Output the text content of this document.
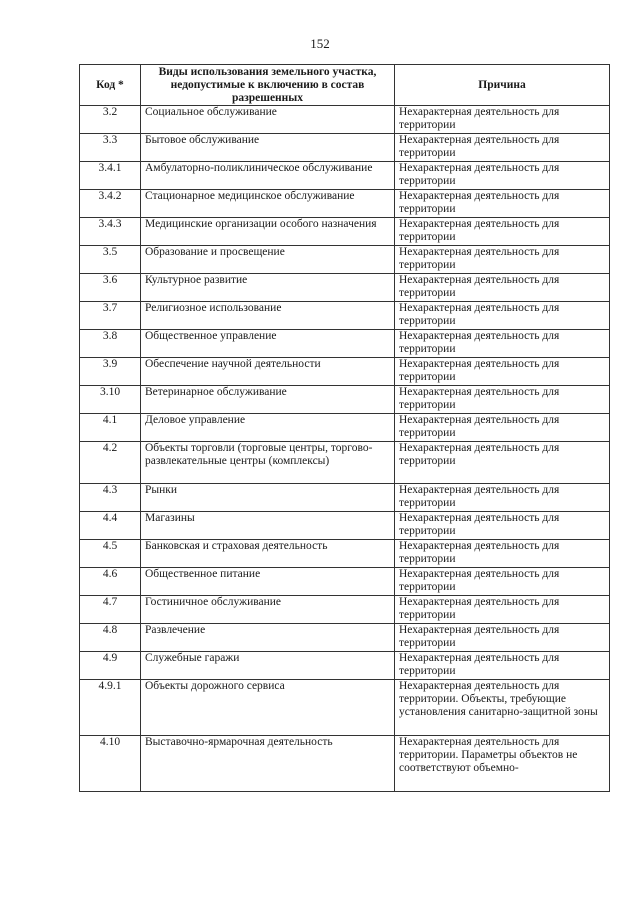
152
Код *	Виды использования земельного участка, недопустимые к включению в состав разрешенных	Причина
3.2	Социальное обслуживание	Нехарактерная деятельность для территории
3.3	Бытовое обслуживание	Нехарактерная деятельность для территории
3.4.1	Амбулаторно-поликлиническое обслуживание	Нехарактерная деятельность для территории
3.4.2	Стационарное медицинское обслуживание	Нехарактерная деятельность для территории
3.4.3	Медицинские организации особого назначения	Нехарактерная деятельность для территории
3.5	Образование и просвещение	Нехарактерная деятельность для территории
3.6	Культурное развитие	Нехарактерная деятельность для территории
3.7	Религиозное использование	Нехарактерная деятельность для территории
3.8	Общественное управление	Нехарактерная деятельность для территории
3.9	Обеспечение научной деятельности	Нехарактерная деятельность для территории
3.10	Ветеринарное обслуживание	Нехарактерная деятельность для территории
4.1	Деловое управление	Нехарактерная деятельность для территории
4.2	Объекты торговли (торговые центры, торгово-развлекательные центры (комплексы)	Нехарактерная деятельность для территории
4.3	Рынки	Нехарактерная деятельность для территории
4.4	Магазины	Нехарактерная деятельность для территории
4.5	Банковская и страховая деятельность	Нехарактерная деятельность для территории
4.6	Общественное питание	Нехарактерная деятельность для территории
4.7	Гостиничное обслуживание	Нехарактерная деятельность для территории
4.8	Развлечение	Нехарактерная деятельность для территории
4.9	Служебные гаражи	Нехарактерная деятельность для территории
4.9.1	Объекты дорожного сервиса	Нехарактерная деятельность для территории. Объекты, требующие установления санитарно-защитной зоны
4.10	Выставочно-ярмарочная деятельность	Нехарактерная деятельность для территории. Параметры объектов не соответствуют объемно-
